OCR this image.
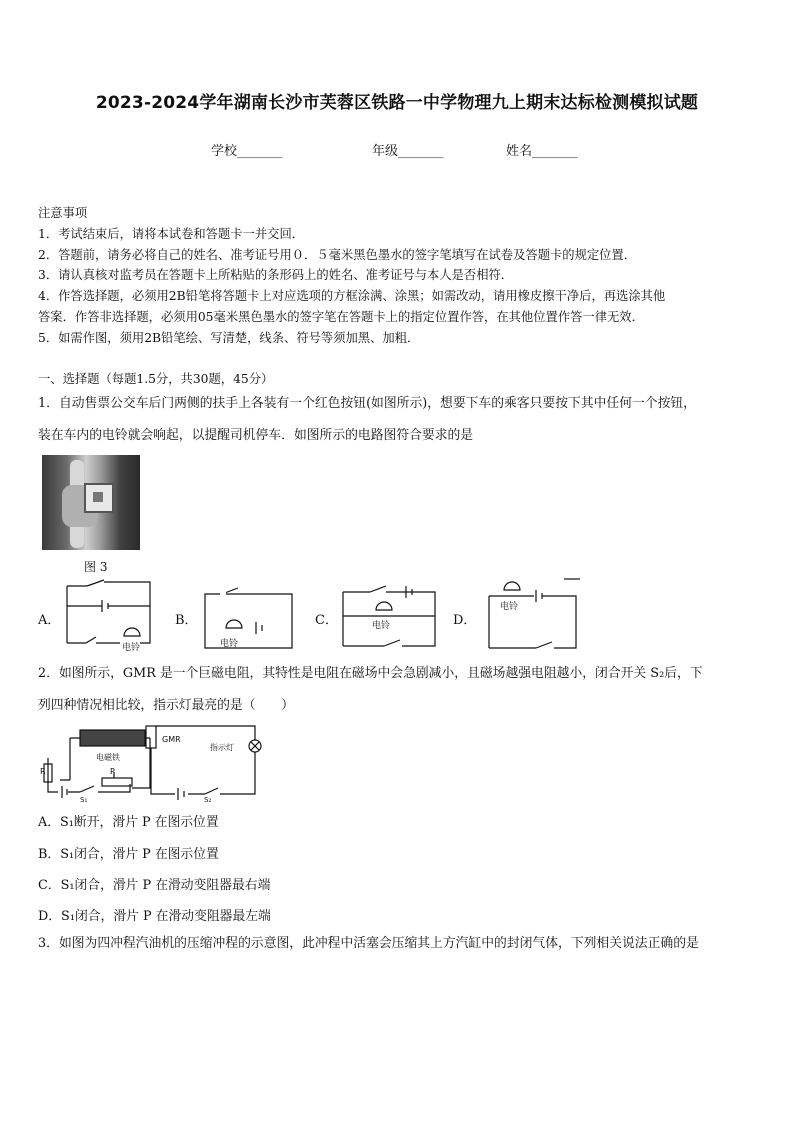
2023-2024学年湖南长沙市芙蓉区铁路一中学物理九上期末达标检测模拟试题
学校_______	年级_______	姓名_______

注意事项

1．考试结束后，请将本试卷和答题卡一并交回．

2．答题前，请务必将自己的姓名、准考证号用０．５毫米黑色墨水的签字笔填写在试卷及答题卡的规定位置．

3．请认真核对监考员在答题卡上所粘贴的条形码上的姓名、准考证号与本人是否相符．

4．作答选择题，必须用2B铅笔将答题卡上对应选项的方框涂满、涂黑；如需改动，请用橡皮擦干净后，再选涂其他

答案．作答非选择题，必须用05毫米黑色墨水的签字笔在答题卡上的指定位置作答，在其他位置作答一律无效．

5．如需作图，须用2B铅笔绘、写清楚，线条、符号等须加黑、加粗．

一、选择题（每题1.5分，共30题，45分）

1．自动售票公交车后门两侧的扶手上各装有一个红色按钮(如图所示)，想要下车的乘客只要按下其中任何一个按钮，

装在车内的电铃就会响起，以提醒司机停车．如图所示的电路图符合要求的是

图 3
A．	B．	C．	D．
电铃	电铃
电铃
电铃

2．如图所示，GMR 是一个巨磁电阻，其特性是电阻在磁场中会急剧减小，且磁场越强电阻越小，闭合开关 S₂后，下

列四种情况相比较，指示灯最亮的是（　　）

电磁铁
GMR
指示灯
R	P
S₁	S₂
A．S₁断开，滑片 P 在图示位置
B．S₁闭合，滑片 P 在图示位置
C．S₁闭合，滑片 P 在滑动变阻器最右端
D．S₁闭合，滑片 P 在滑动变阻器最左端

3．如图为四冲程汽油机的压缩冲程的示意图，此冲程中活塞会压缩其上方汽缸中的封闭气体，下列相关说法正确的是
